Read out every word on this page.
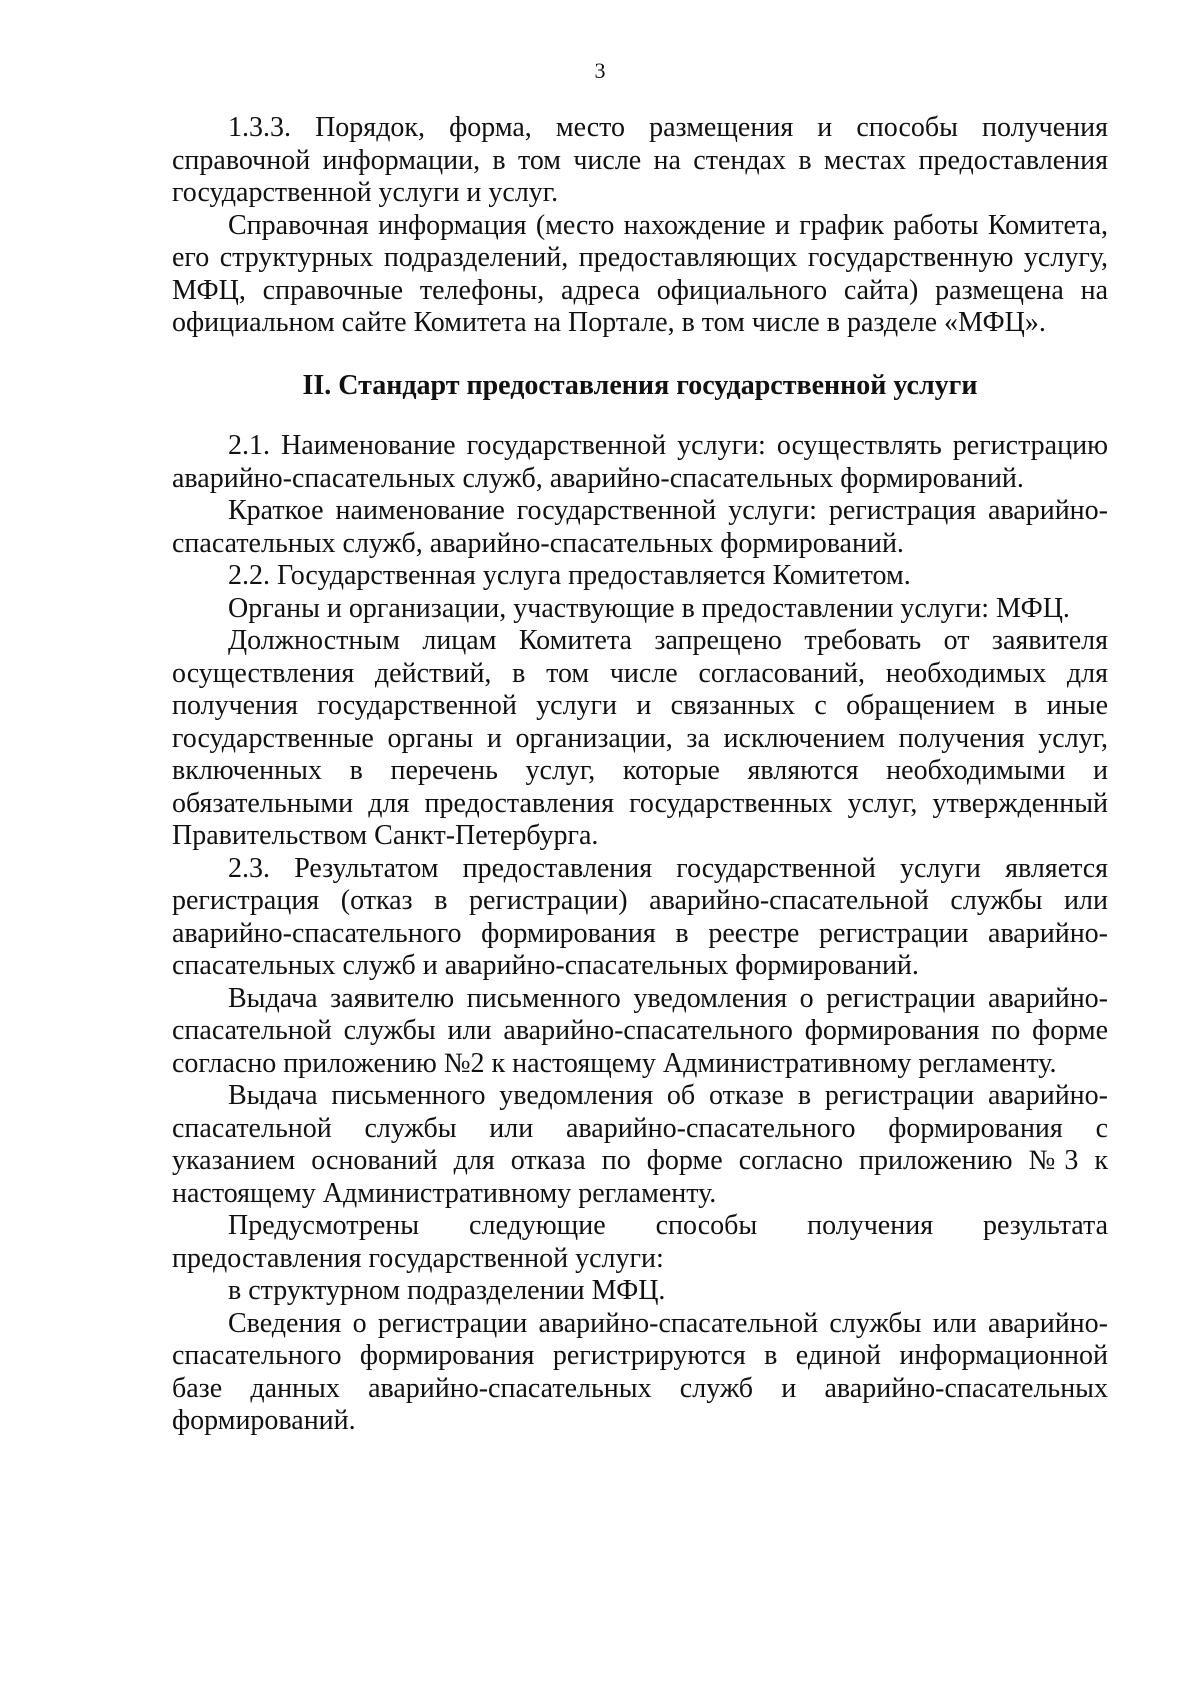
3

1.3.3. Порядок, форма, место размещения и способы получения справочной информации, в том числе на стендах в местах предоставления государственной услуги и услуг.

Справочная информация (место нахождение и график работы Комитета, его структурных подразделений, предоставляющих государственную услугу, МФЦ, справочные телефоны, адреса официального сайта) размещена на официальном сайте Комитета на Портале, в том числе в разделе «МФЦ».

II. Стандарт предоставления государственной услуги

2.1. Наименование государственной услуги: осуществлять регистрацию аварийно-спасательных служб, аварийно-спасательных формирований.

Краткое наименование государственной услуги: регистрация аварийно-спасательных служб, аварийно-спасательных формирований.

2.2. Государственная услуга предоставляется Комитетом.

Органы и организации, участвующие в предоставлении услуги: МФЦ.

Должностным лицам Комитета запрещено требовать от заявителя осуществления действий, в том числе согласований, необходимых для получения государственной услуги и связанных с обращением в иные государственные органы и организации, за исключением получения услуг, включенных в перечень услуг, которые являются необходимыми и обязательными для предоставления государственных услуг, утвержденный Правительством Санкт-Петербурга.

2.3. Результатом предоставления государственной услуги является регистрация (отказ в регистрации) аварийно-спасательной службы или аварийно-спасательного формирования в реестре регистрации аварийно-спасательных служб и аварийно-спасательных формирований.

Выдача заявителю письменного уведомления о регистрации аварийно-спасательной службы или аварийно-спасательного формирования по форме согласно приложению №2 к настоящему Административному регламенту.

Выдача письменного уведомления об отказе в регистрации аварийно-спасательной службы или аварийно-спасательного формирования с указанием оснований для отказа по форме согласно приложению №3 к настоящему Административному регламенту.

Предусмотрены следующие способы получения результата предоставления государственной услуги:

в структурном подразделении МФЦ.

Сведения о регистрации аварийно-спасательной службы или аварийно-спасательного формирования регистрируются в единой информационной базе данных аварийно-спасательных служб и аварийно-спасательных формирований.
